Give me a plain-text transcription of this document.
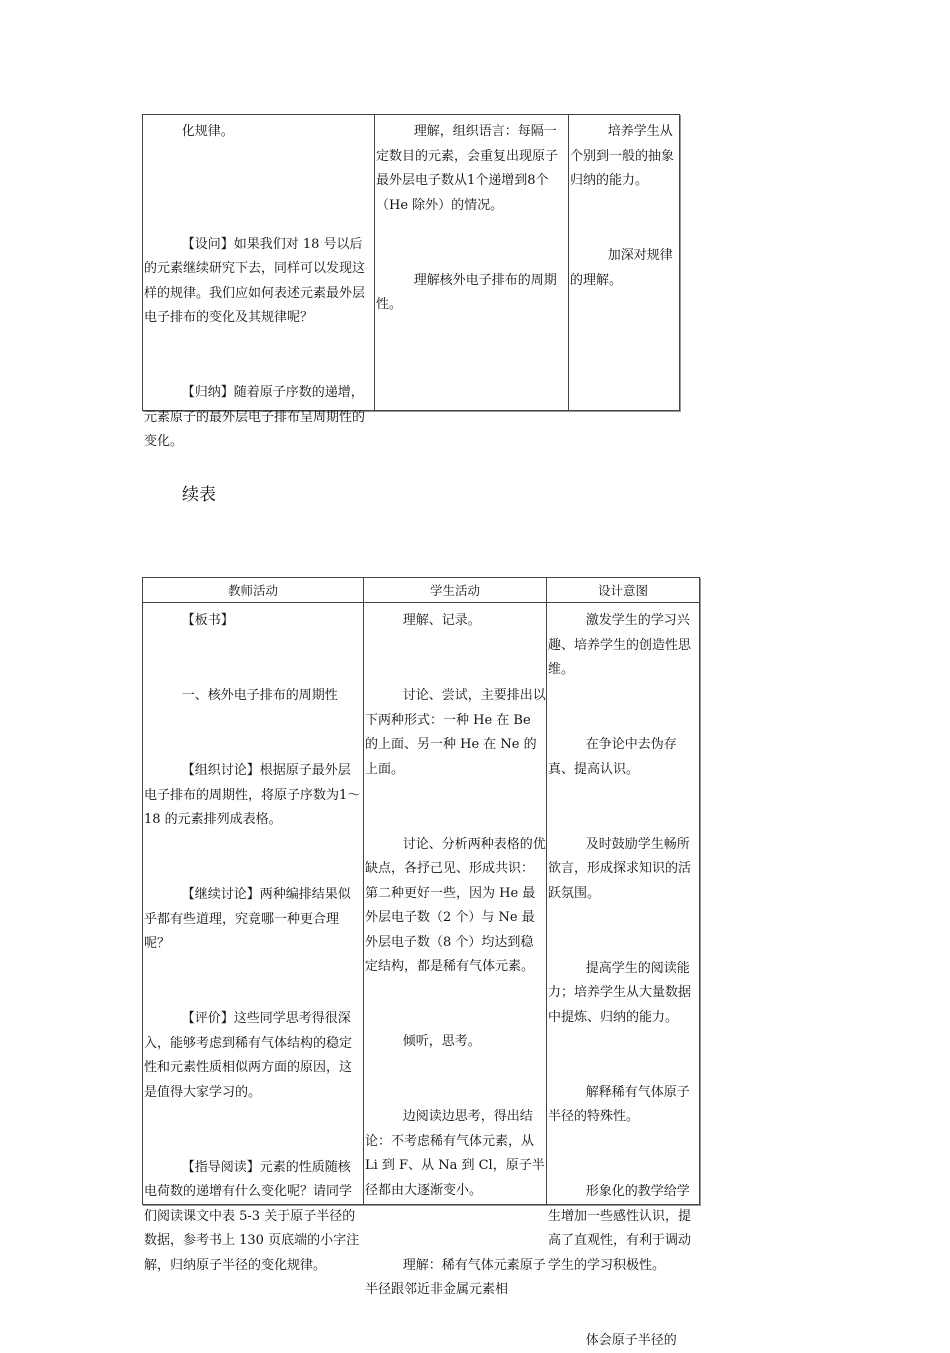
化规律。

【设问】如果我们对 18 号以后的元素继续研究下去，同样可以发现这样的规律。我们应如何表述元素最外层电子排布的变化及其规律呢？

【归纳】随着原子序数的递增，元素原子的最外层电子排布呈周期性的变化。

理解，组织语言：每隔一定数目的元素，会重复出现原子最外层电子数从1个递增到8个（He 除外）的情况。

理解核外电子排布的周期性。

培养学生从个别到一般的抽象归纳的能力。

加深对规律的理解。

续表
教师活动	学生活动	设计意图

【板书】

一、核外电子排布的周期性

【组织讨论】根据原子最外层电子排布的周期性，将原子序数为1～18 的元素排列成表格。

【继续讨论】两种编排结果似乎都有些道理，究竟哪一种更合理呢？

【评价】这些同学思考得很深入，能够考虑到稀有气体结构的稳定性和元素性质相似两方面的原因，这是值得大家学习的。

【指导阅读】元素的性质随核电荷数的递增有什么变化呢？请同学们阅读课文中表 5-3 关于原子半径的数据，参考书上 130 页底端的小字注解，归纳原子半径的变化规律。

理解、记录。

讨论、尝试，主要排出以下两种形式：一种 He 在 Be 的上面、另一种 He 在 Ne 的上面。

讨论、分析两种表格的优缺点，各抒己见、形成共识：第二种更好一些，因为 He 最外层电子数（2 个）与 Ne 最外层电子数（8 个）均达到稳定结构，都是稀有气体元素。

倾听，思考。

边阅读边思考，得出结论：不考虑稀有气体元素，从 Li 到 F、从 Na 到 Cl，原子半径都由大逐渐变小。

理解：稀有气体元素原子半径跟邻近非金属元素相

激发学生的学习兴趣、培养学生的创造性思维。

在争论中去伪存真、提高认识。

及时鼓励学生畅所欲言，形成探求知识的活跃氛围。

提高学生的阅读能力；培养学生从大量数据中提炼、归纳的能力。

解释稀有气体原子半径的特殊性。

形象化的教学给学生增加一些感性认识，提高了直观性，有利于调动学生的学习积极性。

体会原子半径的
